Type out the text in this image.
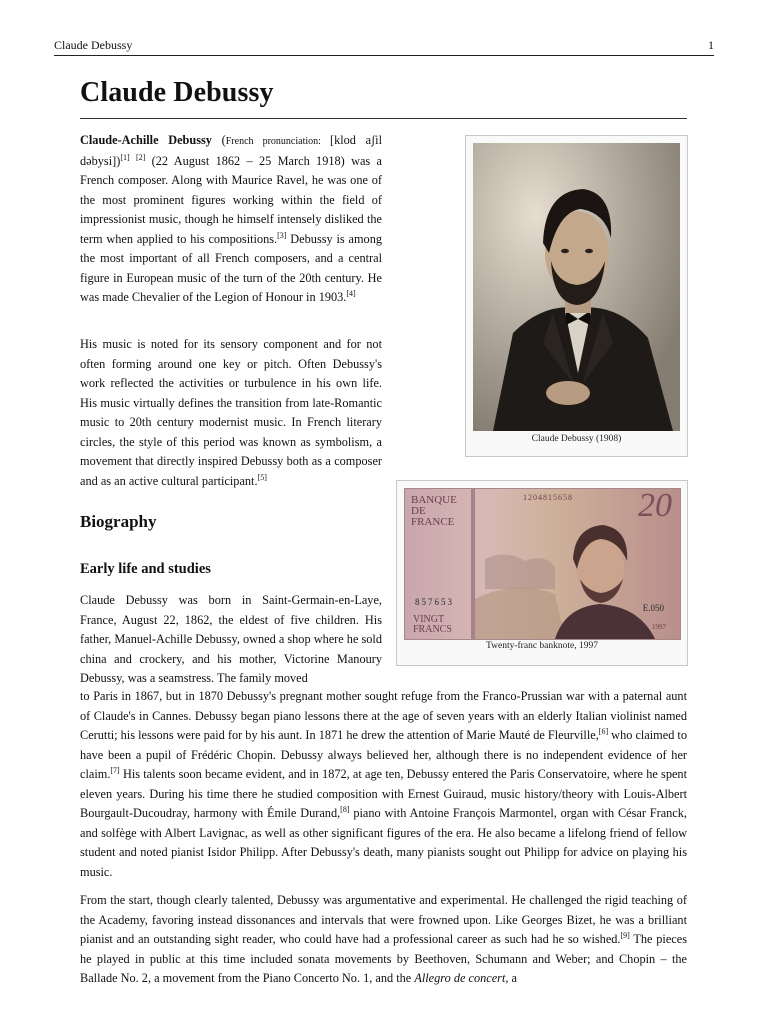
Claude Debussy	1
Claude Debussy

Claude-Achille Debussy (French pronunciation: [klod aʃil dəbysi])[1] [2] (22 August 1862 – 25 March 1918) was a French composer. Along with Maurice Ravel, he was one of the most prominent figures working within the field of impressionist music, though he himself intensely disliked the term when applied to his compositions.[3] Debussy is among the most important of all French composers, and a central figure in European music of the turn of the 20th century. He was made Chevalier of the Legion of Honour in 1903.[4]

His music is noted for its sensory component and for not often forming around one key or pitch. Often Debussy's work reflected the activities or turbulence in his own life. His music virtually defines the transition from late-Romantic music to 20th century modernist music. In French literary circles, the style of this period was known as symbolism, a movement that directly inspired Debussy both as a composer and as an active cultural participant.[5]

Biography
Early life and studies

Claude Debussy was born in Saint-Germain-en-Laye, France, August 22, 1862, the eldest of five children. His father, Manuel-Achille Debussy, owned a shop where he sold china and crockery, and his mother, Victorine Manoury Debussy, was a seamstress. The family moved

to Paris in 1867, but in 1870 Debussy's pregnant mother sought refuge from the Franco-Prussian war with a paternal aunt of Claude's in Cannes. Debussy began piano lessons there at the age of seven years with an elderly Italian violinist named Cerutti; his lessons were paid for by his aunt. In 1871 he drew the attention of Marie Mauté de Fleurville,[6] who claimed to have been a pupil of Frédéric Chopin. Debussy always believed her, although there is no independent evidence of her claim.[7] His talents soon became evident, and in 1872, at age ten, Debussy entered the Paris Conservatoire, where he spent eleven years. During his time there he studied composition with Ernest Guiraud, music history/theory with Louis-Albert Bourgault-Ducoudray, harmony with Émile Durand,[8] piano with Antoine François Marmontel, organ with César Franck, and solfège with Albert Lavignac, as well as other significant figures of the era. He also became a lifelong friend of fellow student and noted pianist Isidor Philipp. After Debussy's death, many pianists sought out Philipp for advice on playing his music.

From the start, though clearly talented, Debussy was argumentative and experimental. He challenged the rigid teaching of the Academy, favoring instead dissonances and intervals that were frowned upon. Like Georges Bizet, he was a brilliant pianist and an outstanding sight reader, who could have had a professional career as such had he so wished.[9] The pieces he played in public at this time included sonata movements by Beethoven, Schumann and Weber; and Chopin – the Ballade No. 2, a movement from the Piano Concerto No. 1, and the Allegro de concert, a

Claude Debussy (1908)
BANQUE DE FRANCE	20
1204815658
857653
VINGT FRANCS
E.050
1997
Twenty-franc banknote, 1997
